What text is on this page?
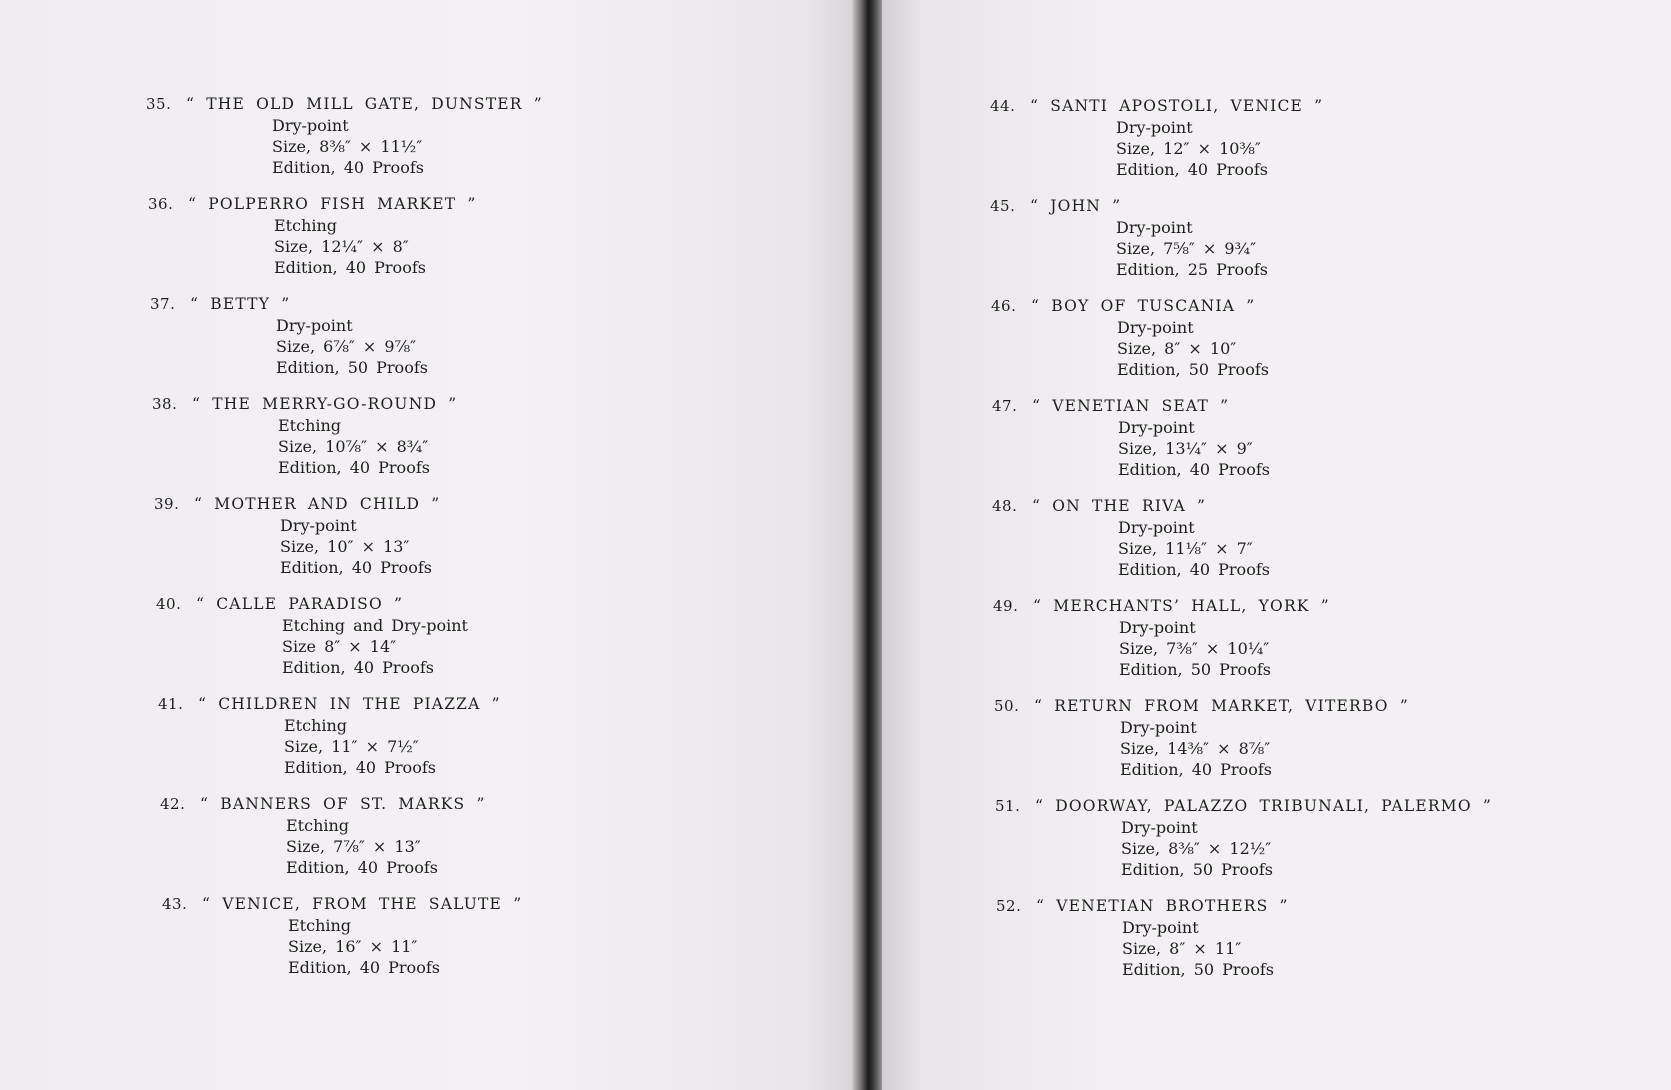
35. “ THE OLD MILL GATE, DUNSTER ”
Dry-point
Size, 8⅜″ × 11½″
Edition, 40 Proofs
36. “ POLPERRO FISH MARKET ”
Etching
Size, 12¼″ × 8″
Edition, 40 Proofs
37. “ BETTY ”
Dry-point
Size, 6⅞″ × 9⅞″
Edition, 50 Proofs
38. “ THE MERRY-GO-ROUND ”
Etching
Size, 10⅞″ × 8¾″
Edition, 40 Proofs
39. “ MOTHER AND CHILD ”
Dry-point
Size, 10″ × 13″
Edition, 40 Proofs
40. “ CALLE PARADISO ”
Etching and Dry-point
Size 8″ × 14″
Edition, 40 Proofs
41. “ CHILDREN IN THE PIAZZA ”
Etching
Size, 11″ × 7½″
Edition, 40 Proofs
42. “ BANNERS OF ST. MARKS ”
Etching
Size, 7⅞″ × 13″
Edition, 40 Proofs
43. “ VENICE, FROM THE SALUTE ”
Etching
Size, 16″ × 11″
Edition, 40 Proofs
44. “ SANTI APOSTOLI, VENICE ”
Dry-point
Size, 12″ × 10⅜″
Edition, 40 Proofs
45. “ JOHN ”
Dry-point
Size, 7⅝″ × 9¾″
Edition, 25 Proofs
46. “ BOY OF TUSCANIA ”
Dry-point
Size, 8″ × 10″
Edition, 50 Proofs
47. “ VENETIAN SEAT ”
Dry-point
Size, 13¼″ × 9″
Edition, 40 Proofs
48. “ ON THE RIVA ”
Dry-point
Size, 11⅛″ × 7″
Edition, 40 Proofs
49. “ MERCHANTS’ HALL, YORK ”
Dry-point
Size, 7⅜″ × 10¼″
Edition, 50 Proofs
50. “ RETURN FROM MARKET, VITERBO ”
Dry-point
Size, 14⅜″ × 8⅞″
Edition, 40 Proofs
51. “ DOORWAY, PALAZZO TRIBUNALI, PALERMO ”
Dry-point
Size, 8⅜″ × 12½″
Edition, 50 Proofs
52. “ VENETIAN BROTHERS ”
Dry-point
Size, 8″ × 11″
Edition, 50 Proofs
